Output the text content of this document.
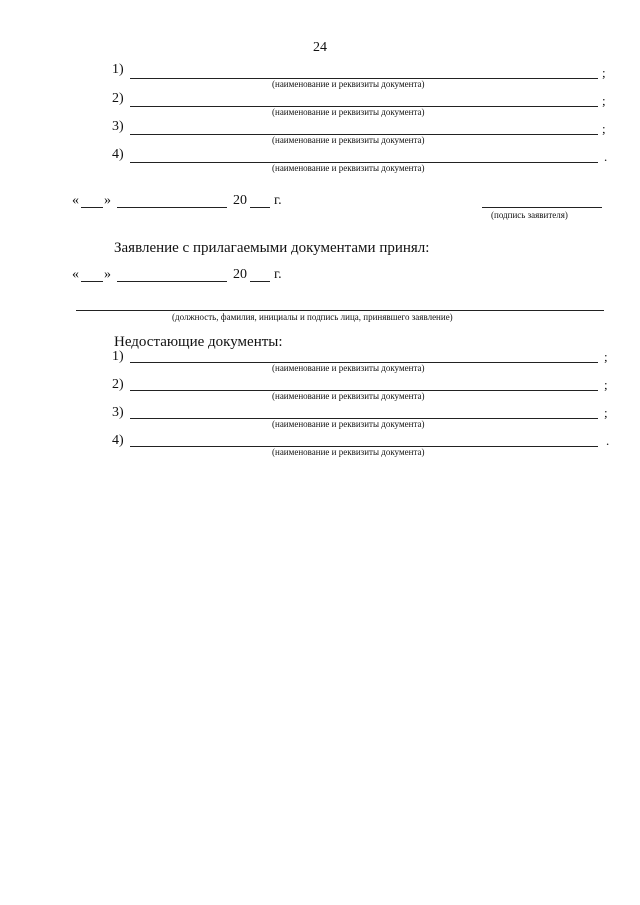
24
1)	;
(наименование и реквизиты документа)
2)	;
(наименование и реквизиты документа)
3)	;
(наименование и реквизиты документа)
4)	.
(наименование и реквизиты документа)
« »	20 г.
(подпись заявителя)
Заявление с прилагаемыми документами принял:
« »	20 г.
(должность, фамилия, инициалы и подпись лица, принявшего заявление)
Недостающие документы:
1)	;
(наименование и реквизиты документа)
2)	;
(наименование и реквизиты документа)
3)	;
(наименование и реквизиты документа)
4)	.
(наименование и реквизиты документа)
